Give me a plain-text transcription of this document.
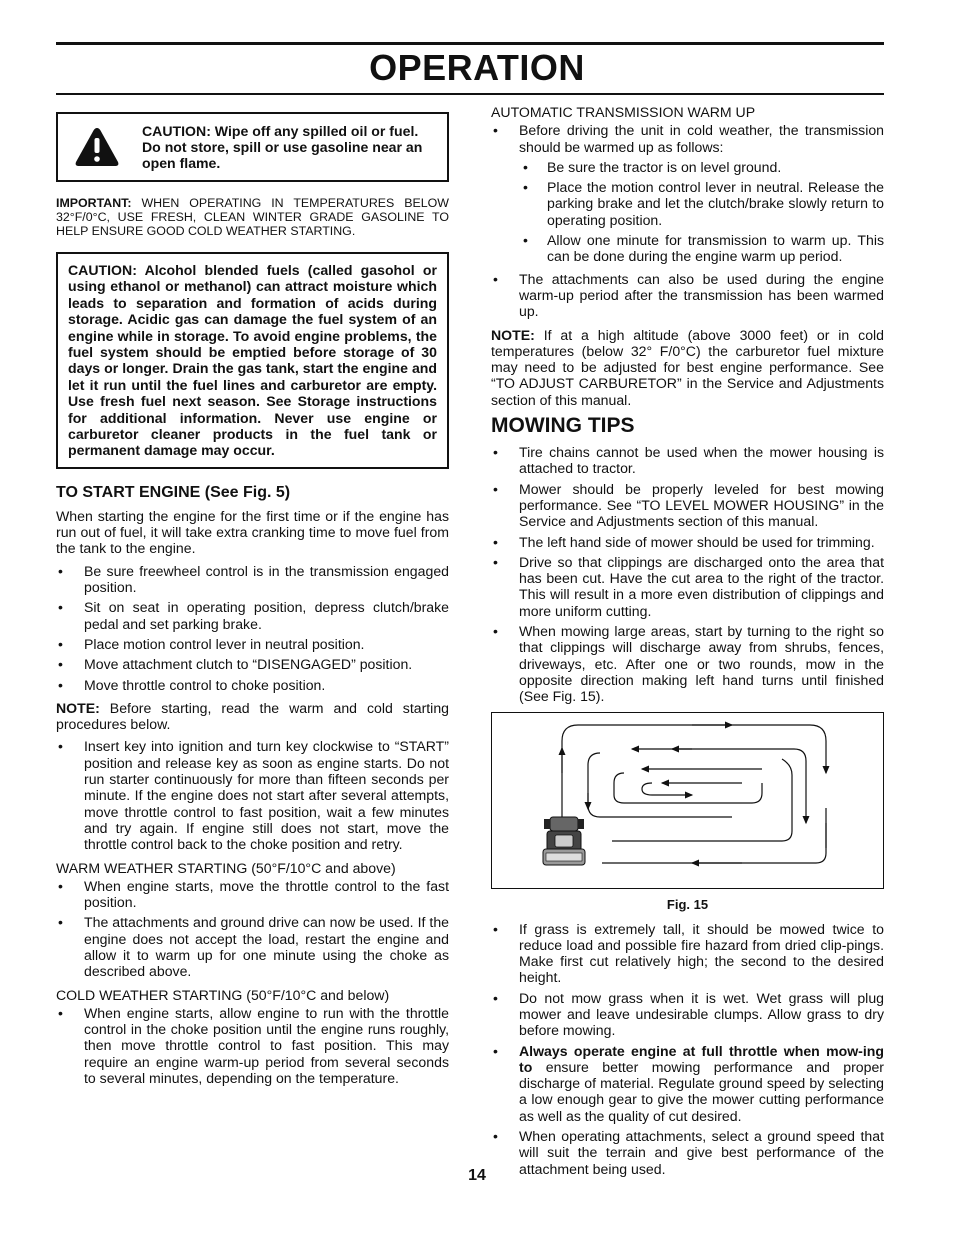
OPERATION
CAUTION: Wipe off any spilled oil or fuel. Do not store, spill or use gasoline near an open flame.
IMPORTANT: WHEN OPERATING IN TEMPERATURES BELOW 32°F/0°C, USE FRESH, CLEAN WINTER GRADE GASOLINE TO HELP ENSURE GOOD COLD WEATHER STARTING.
CAUTION: Alcohol blended fuels (called gasohol or using ethanol or methanol) can attract moisture which leads to separation and formation of acids during storage. Acidic gas can damage the fuel system of an engine while in storage. To avoid engine problems, the fuel system should be emptied before storage of 30 days or longer. Drain the gas tank, start the engine and let it run until the fuel lines and carburetor are empty. Use fresh fuel next season. See Storage instructions for additional information. Never use engine or carburetor cleaner products in the fuel tank or permanent damage may occur.
TO START ENGINE (See Fig. 5)

When starting the engine for the first time or if the engine has run out of fuel, it will take extra cranking time to move fuel from the tank to the engine.

• Be sure freewheel control is in the transmission engaged position.
• Sit on seat in operating position, depress clutch/brake pedal and set parking brake.
• Place motion control lever in neutral position.
• Move attachment clutch to “DISENGAGED” position.
• Move throttle control to choke position.

NOTE: Before starting, read the warm and cold starting procedures below.

• Insert key into ignition and turn key clockwise to “START” position and release key as soon as engine starts. Do not run starter continuously for more than fifteen seconds per minute. If the engine does not start after several attempts, move throttle control to fast position, wait a few minutes and try again. If engine still does not start, move the throttle control back to the choke position and retry.

WARM WEATHER STARTING (50°F/10°C and above)

• When engine starts, move the throttle control to the fast position.
• The attachments and ground drive can now be used. If the engine does not accept the load, restart the engine and allow it to warm up for one minute using the choke as described above.

COLD WEATHER STARTING (50°F/10°C and below)

• When engine starts, allow engine to run with the throttle control in the choke position until the engine runs roughly, then move throttle control to fast position. This may require an engine warm-up period from several seconds to several minutes, depending on the temperature.

AUTOMATIC TRANSMISSION WARM UP

• Before driving the unit in cold weather, the transmission should be warmed up as follows:
• Be sure the tractor is on level ground.
• Place the motion control lever in neutral. Release the parking brake and let the clutch/brake slowly return to operating position.
• Allow one minute for transmission to warm up. This can be done during the engine warm up period.
• The attachments can also be used during the engine warm-up period after the transmission has been warmed up.

NOTE: If at a high altitude (above 3000 feet) or in cold temperatures (below 32° F/0°C) the carburetor fuel mixture may need to be adjusted for best engine performance. See “TO ADJUST CARBURETOR” in the Service and Adjustments section of this manual.

MOWING TIPS
• Tire chains cannot be used when the mower housing is attached to tractor.
• Mower should be properly leveled for best mowing performance. See “TO LEVEL MOWER HOUSING” in the Service and Adjustments section of this manual.
• The left hand side of mower should be used for trimming.
• Drive so that clippings are discharged onto the area that has been cut. Have the cut area to the right of the tractor. This will result in a more even distribution of clippings and more uniform cutting.
• When mowing large areas, start by turning to the right so that clippings will discharge away from shrubs, fences, driveways, etc. After one or two rounds, mow in the opposite direction making left hand turns until finished (See Fig. 15).
Fig. 15
• If grass is extremely tall, it should be mowed twice to reduce load and possible fire hazard from dried clip-pings. Make first cut relatively high; the second to the desired height.
• Do not mow grass when it is wet. Wet grass will plug mower and leave undesirable clumps. Allow grass to dry before mowing.
• Always operate engine at full throttle when mow-ing to ensure better mowing performance and proper discharge of material. Regulate ground speed by selecting a low enough gear to give the mower cutting performance as well as the quality of cut desired.
• When operating attachments, select a ground speed that will suit the terrain and give best performance of the attachment being used.
14
